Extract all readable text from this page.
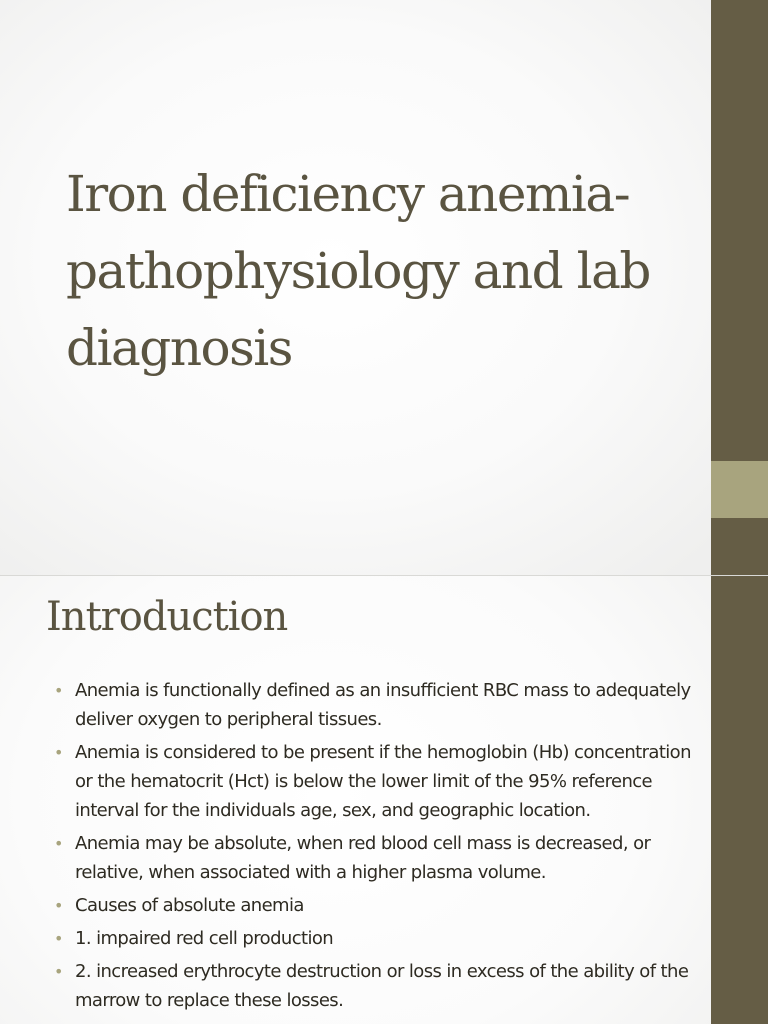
Iron deficiency anemia- pathophysiology and lab diagnosis
Introduction
• Anemia is functionally defined as an insufficient RBC mass to adequately deliver oxygen to peripheral tissues.
• Anemia is considered to be present if the hemoglobin (Hb) concentration or the hematocrit (Hct) is below the lower limit of the 95% reference interval for the individuals age, sex, and geographic location.
• Anemia may be absolute, when red blood cell mass is decreased, or relative, when associated with a higher plasma volume.
• Causes of absolute anemia
• 1. impaired red cell production
• 2. increased erythrocyte destruction or loss in excess of the ability of the marrow to replace these losses.
